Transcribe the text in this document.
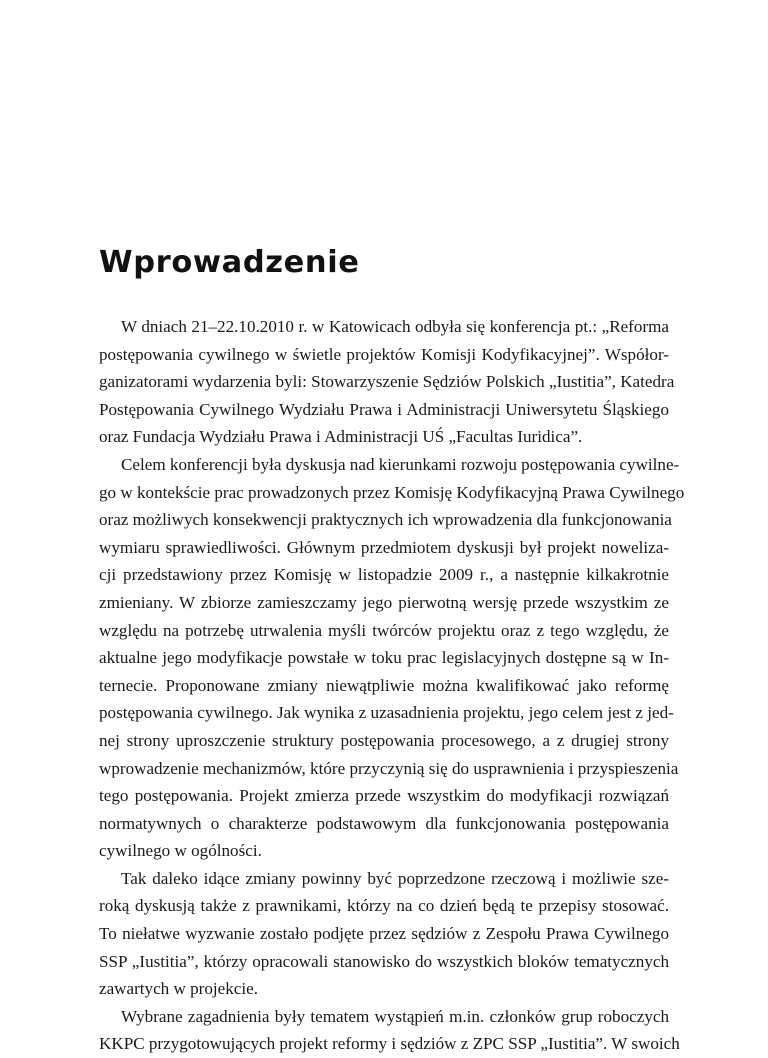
Wprowadzenie
W dniach 21–22.10.2010 r. w Katowicach odbyła się konferencja pt.: „Reforma
postępowania cywilnego w świetle projektów Komisji Kodyfikacyjnej”. Współor-
ganizatorami wydarzenia byli: Stowarzyszenie Sędziów Polskich „Iustitia”, Katedra
Postępowania Cywilnego Wydziału Prawa i Administracji Uniwersytetu Śląskiego
oraz Fundacja Wydziału Prawa i Administracji UŚ „Facultas Iuridica”.
Celem konferencji była dyskusja nad kierunkami rozwoju postępowania cywilne-
go w kontekście prac prowadzonych przez Komisję Kodyfikacyjną Prawa Cywilnego
oraz możliwych konsekwencji praktycznych ich wprowadzenia dla funkcjonowania
wymiaru sprawiedliwości. Głównym przedmiotem dyskusji był projekt noweliza-
cji przedstawiony przez Komisję w listopadzie 2009 r., a następnie kilkakrotnie
zmieniany. W zbiorze zamieszczamy jego pierwotną wersję przede wszystkim ze
względu na potrzebę utrwalenia myśli twórców projektu oraz z tego względu, że
aktualne jego modyfikacje powstałe w toku prac legislacyjnych dostępne są w In-
ternecie. Proponowane zmiany niewątpliwie można kwalifikować jako reformę
postępowania cywilnego. Jak wynika z uzasadnienia projektu, jego celem jest z jed-
nej strony uproszczenie struktury postępowania procesowego, a z drugiej strony
wprowadzenie mechanizmów, które przyczynią się do usprawnienia i przyspieszenia
tego postępowania. Projekt zmierza przede wszystkim do modyfikacji rozwiązań
normatywnych o charakterze podstawowym dla funkcjonowania postępowania
cywilnego w ogólności.
Tak daleko idące zmiany powinny być poprzedzone rzeczową i możliwie sze-
roką dyskusją także z prawnikami, którzy na co dzień będą te przepisy stosować.
To niełatwe wyzwanie zostało podjęte przez sędziów z Zespołu Prawa Cywilnego
SSP „Iustitia”, którzy opracowali stanowisko do wszystkich bloków tematycznych
zawartych w projekcie.
Wybrane zagadnienia były tematem wystąpień m.in. członków grup roboczych
KKPC przygotowujących projekt reformy i sędziów z ZPC SSP „Iustitia”. W swoich
